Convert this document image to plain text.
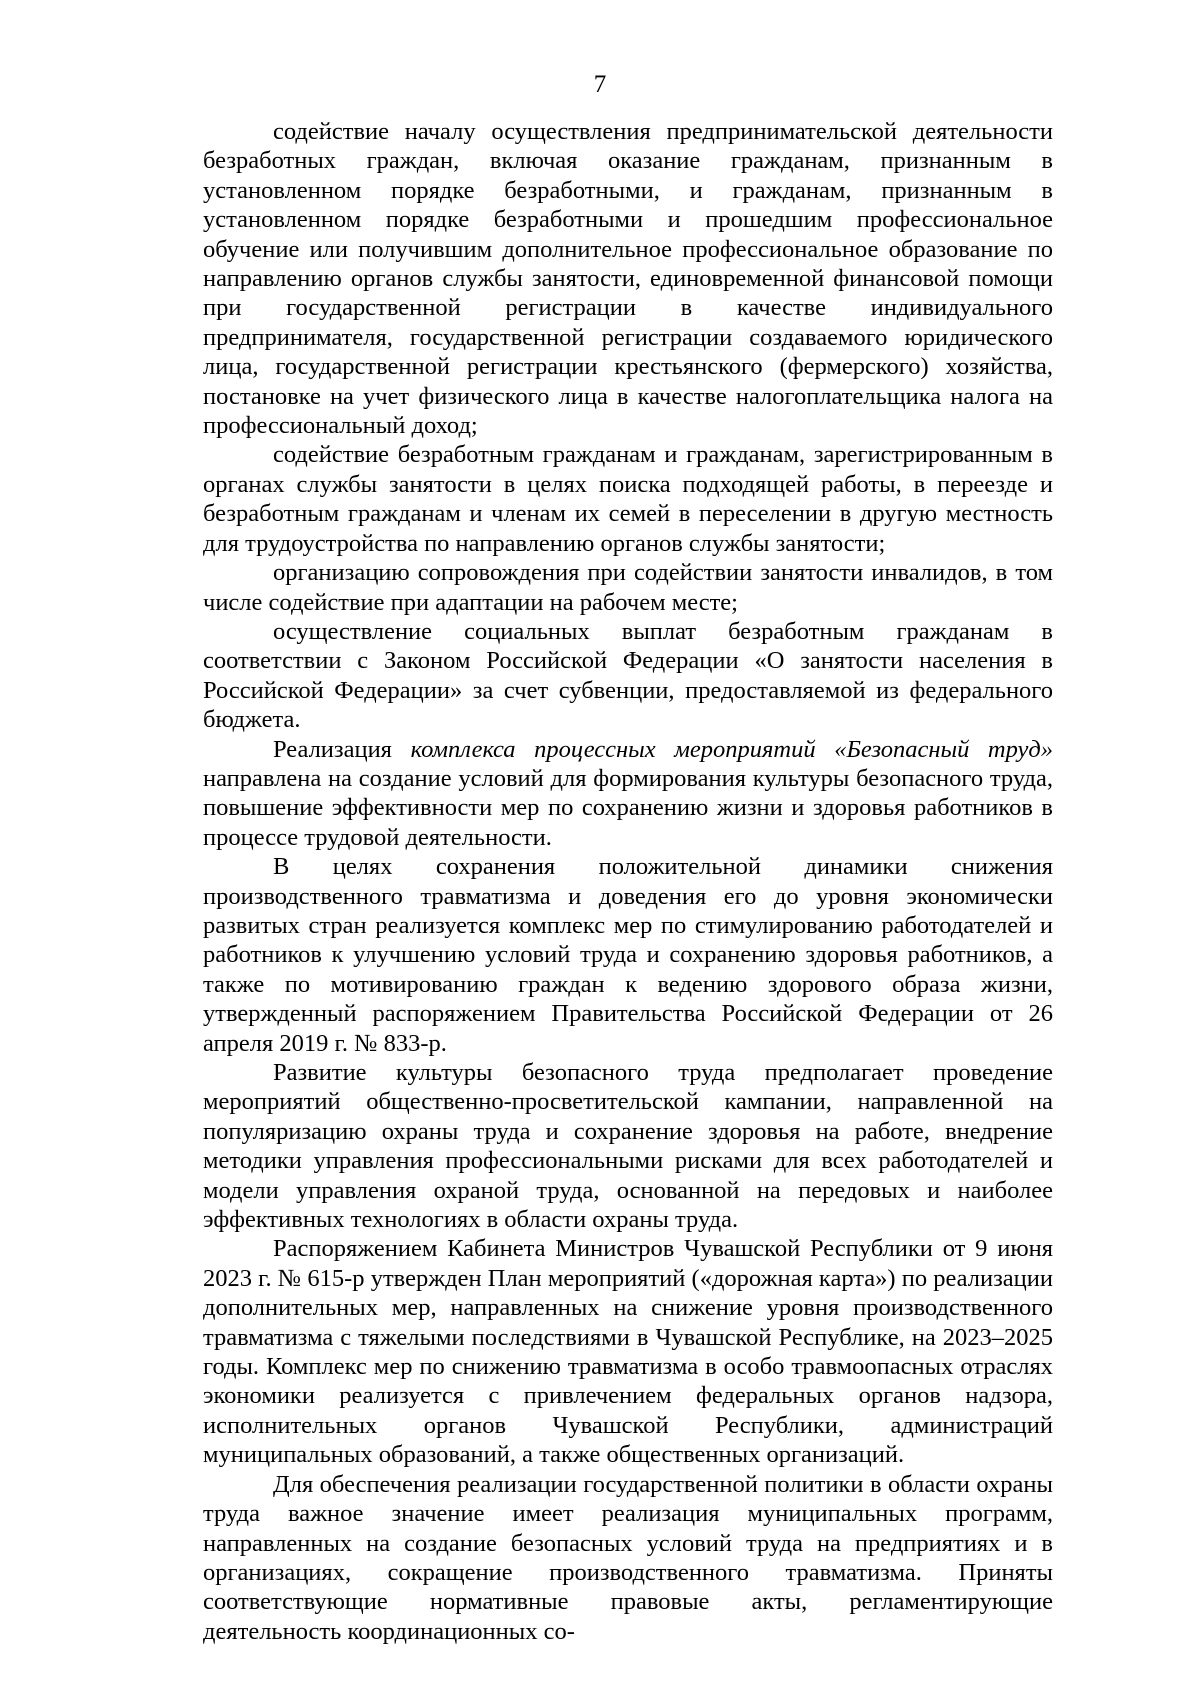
7

содействие началу осуществления предпринимательской деятельности безработных граждан, включая оказание гражданам, признанным в установленном порядке безработными, и гражданам, признанным в установленном порядке безработными и прошедшим профессиональное обучение или получившим дополнительное профессиональное образование по направлению органов службы занятости, единовременной финансовой помощи при государственной регистрации в качестве индивидуального предпринимателя, государственной регистрации создаваемого юридического лица, государственной регистрации крестьянского (фермерского) хозяйства, постановке на учет физического лица в качестве налогоплательщика налога на профессиональный доход;

содействие безработным гражданам и гражданам, зарегистрированным в органах службы занятости в целях поиска подходящей работы, в переезде и безработным гражданам и членам их семей в переселении в другую местность для трудоустройства по направлению органов службы занятости;

организацию сопровождения при содействии занятости инвалидов, в том числе содействие при адаптации на рабочем месте;

осуществление социальных выплат безработным гражданам в соответствии с Законом Российской Федерации «О занятости населения в Российской Федерации» за счет субвенции, предоставляемой из федерального бюджета.

Реализация комплекса процессных мероприятий «Безопасный труд» направлена на создание условий для формирования культуры безопасного труда, повышение эффективности мер по сохранению жизни и здоровья работников в процессе трудовой деятельности.

В целях сохранения положительной динамики снижения производственного травматизма и доведения его до уровня экономически развитых стран реализуется комплекс мер по стимулированию работодателей и работников к улучшению условий труда и сохранению здоровья работников, а также по мотивированию граждан к ведению здорового образа жизни, утвержденный распоряжением Правительства Российской Федерации от 26 апреля 2019 г. № 833-р.

Развитие культуры безопасного труда предполагает проведение мероприятий общественно-просветительской кампании, направленной на популяризацию охраны труда и сохранение здоровья на работе, внедрение методики управления профессиональными рисками для всех работодателей и модели управления охраной труда, основанной на передовых и наиболее эффективных технологиях в области охраны труда.

Распоряжением Кабинета Министров Чувашской Республики от 9 июня 2023 г. № 615-р утвержден План мероприятий («дорожная карта») по реализации дополнительных мер, направленных на снижение уровня производственного травматизма с тяжелыми последствиями в Чувашской Республике, на 2023–2025 годы. Комплекс мер по снижению травматизма в особо травмоопасных отраслях экономики реализуется с привлечением федеральных органов надзора, исполнительных органов Чувашской Республики, администраций муниципальных образований, а также общественных организаций.

Для обеспечения реализации государственной политики в области охраны труда важное значение имеет реализация муниципальных программ, направленных на создание безопасных условий труда на предприятиях и в организациях, сокращение производственного травматизма. Приняты соответствующие нормативные правовые акты, регламентирующие деятельность координационных со-
